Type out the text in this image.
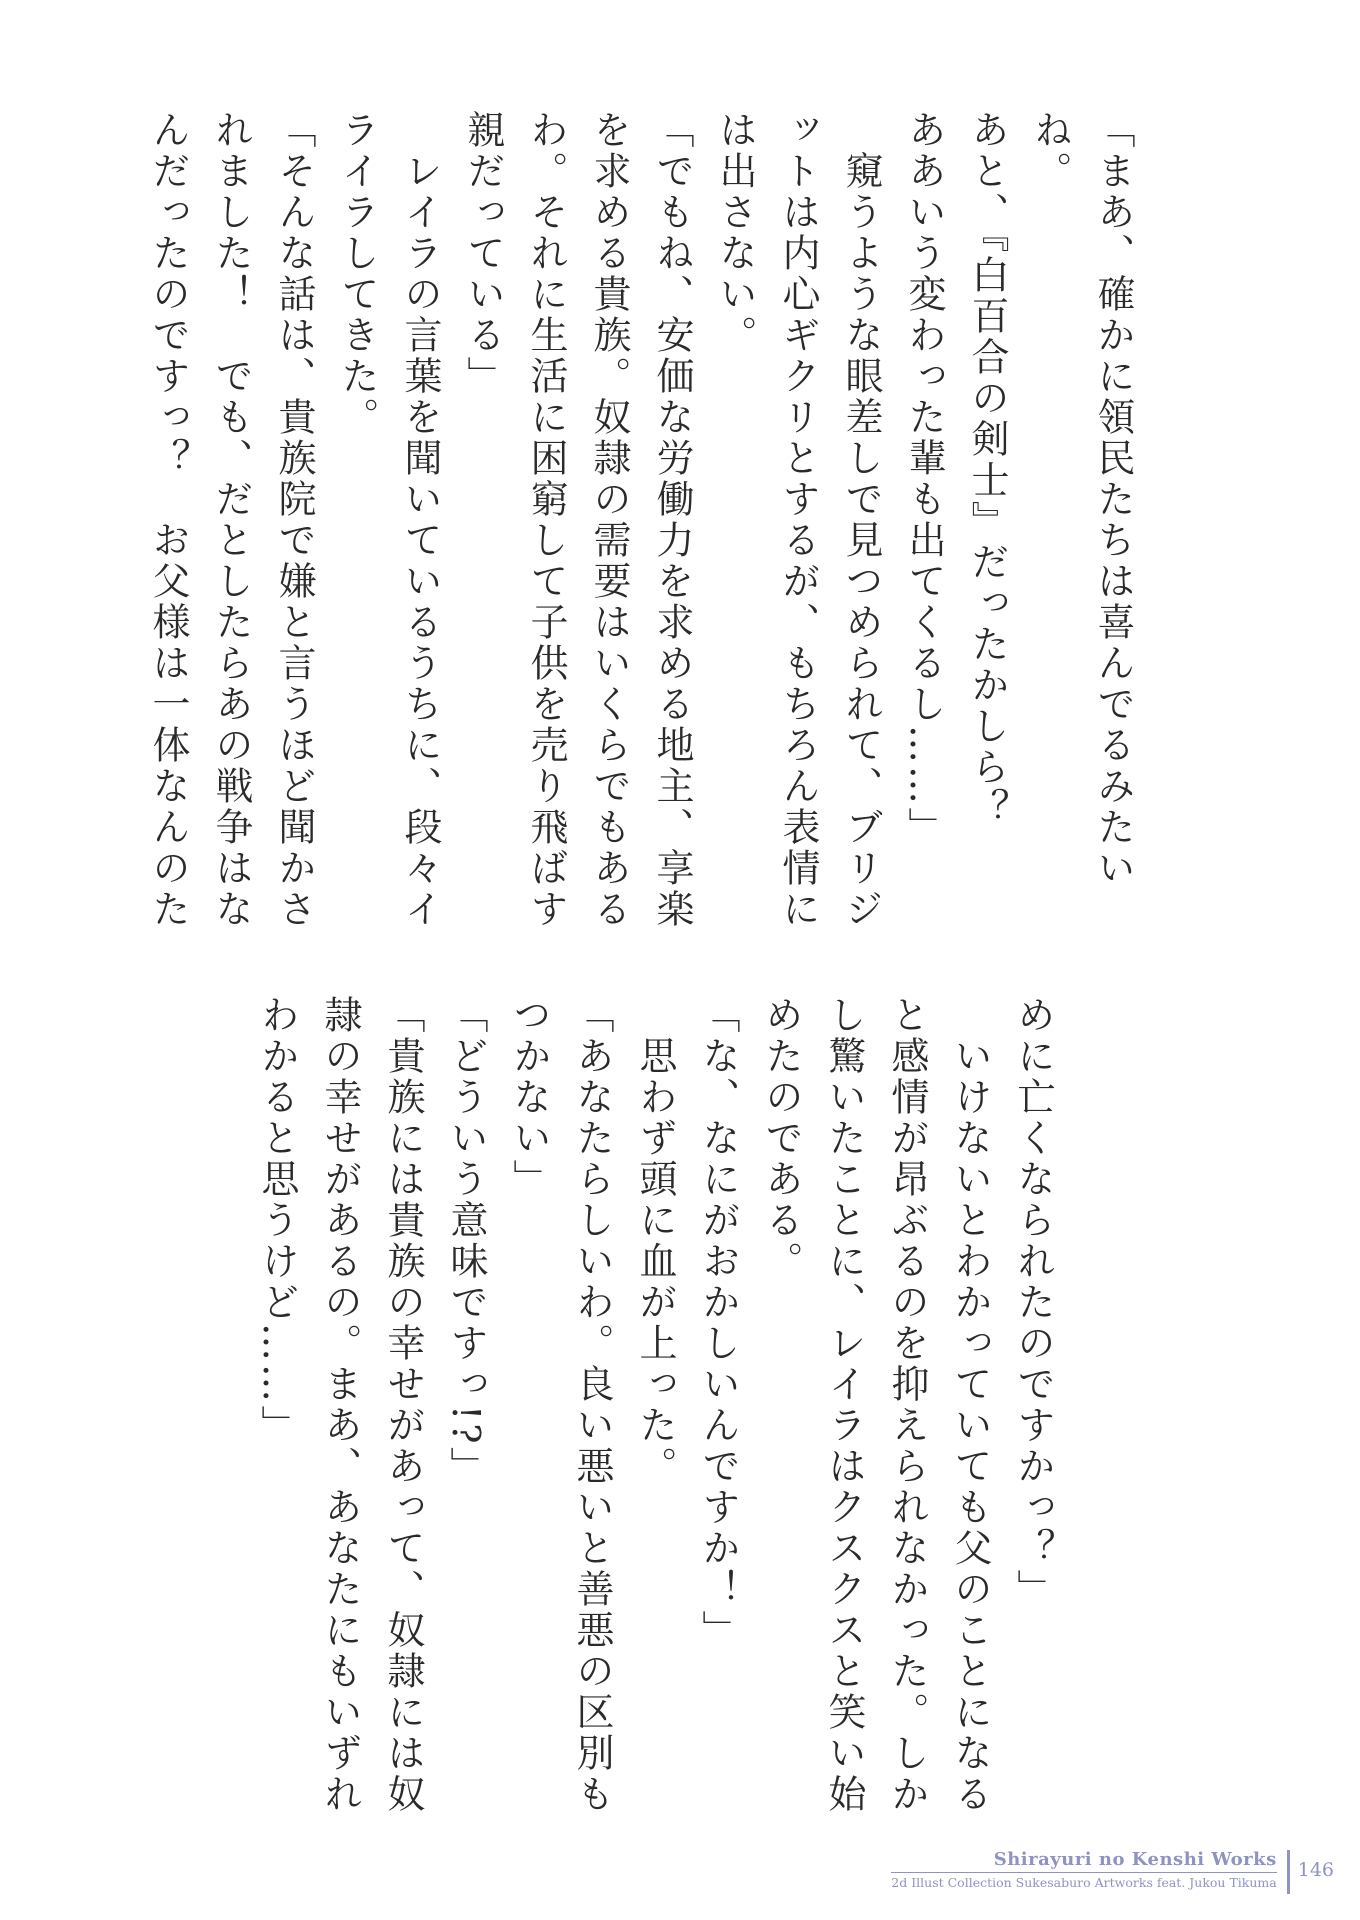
「まあ、確かに領民たちは喜んでるみたいね。

あと、『白百合の剣士』だったかしら？

ああいう変わった輩も出てくるし……」

　窺うような眼差しで見つめられて、ブリジ

ットは内心ギクリとするが、もちろん表情に

は出さない。

「でもね、安価な労働力を求める地主、享楽

を求める貴族。奴隷の需要はいくらでもある

わ。それに生活に困窮して子供を売り飛ばす

親だっている」

　レイラの言葉を聞いているうちに、段々イ

ライラしてきた。

「そんな話は、貴族院で嫌と言うほど聞かさ

れました！　でも、だとしたらあの戦争はな

んだったのですっ？　お父様は一体なんのた

めに亡くなられたのですかっ？」

　いけないとわかっていても父のことになる

と感情が昂ぶるのを抑えられなかった。しか

し驚いたことに、レイラはクスクスと笑い始

めたのである。

「な、なにがおかしいんですか！」

　思わず頭に血が上った。

「あなたらしいわ。良い悪いと善悪の区別も

つかない」

「どういう意味ですっ!?」

「貴族には貴族の幸せがあって、奴隷には奴

隷の幸せがあるの。まあ、あなたにもいずれ

わかると思うけど……」

Shirayuri no Kenshi Works
2d Illust Collection Sukesaburo Artworks feat. Jukou Tikuma
146
